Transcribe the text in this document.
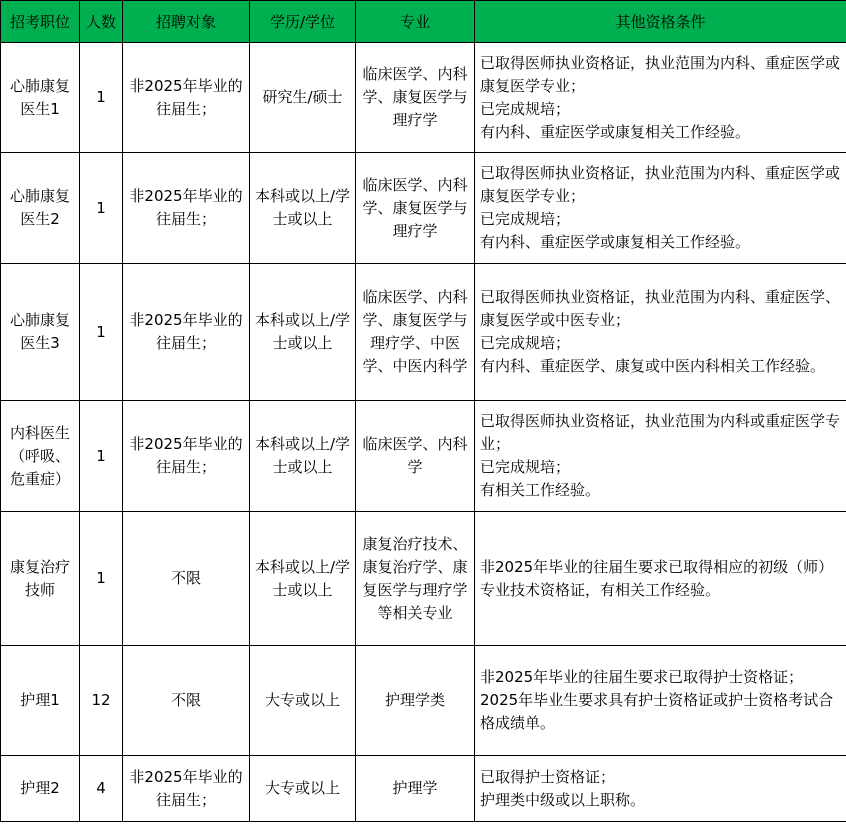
招考职位	人数	招聘对象	学历/学位	专业	其他资格条件
心肺康复医生1	1	非2025年毕业的往届生；	研究生/硕士	临床医学、内科学、康复医学与理疗学	已取得医师执业资格证，执业范围为内科、重症医学或康复医学专业；
已完成规培；
有内科、重症医学或康复相关工作经验。

心肺康复医生2	1	非2025年毕业的往届生；	本科或以上/学士或以上	临床医学、内科学、康复医学与理疗学	已取得医师执业资格证，执业范围为内科、重症医学或康复医学专业；
已完成规培；
有内科、重症医学或康复相关工作经验。

心肺康复医生3	1	非2025年毕业的往届生；	本科或以上/学士或以上	临床医学、内科学、康复医学与理疗学、中医学、中医内科学	已取得医师执业资格证，执业范围为内科、重症医学、康复医学或中医专业；
已完成规培；
有内科、重症医学、康复或中医内科相关工作经验。

内科医生（呼吸、危重症）	1	非2025年毕业的往届生；	本科或以上/学士或以上	临床医学、内科学	已取得医师执业资格证，执业范围为内科或重症医学专业；
已完成规培；
有相关工作经验。

康复治疗技师	1	不限	本科或以上/学士或以上	康复治疗技术、康复治疗学、康复医学与理疗学等相关专业	非2025年毕业的往届生要求已取得相应的初级（师）专业技术资格证，有相关工作经验。

护理1	12	不限	大专或以上	护理学类	非2025年毕业的往届生要求已取得护士资格证；
2025年毕业生要求具有护士资格证或护士资格考试合格成绩单。

护理2	4	非2025年毕业的往届生；	大专或以上	护理学	已取得护士资格证；
护理类中级或以上职称。
